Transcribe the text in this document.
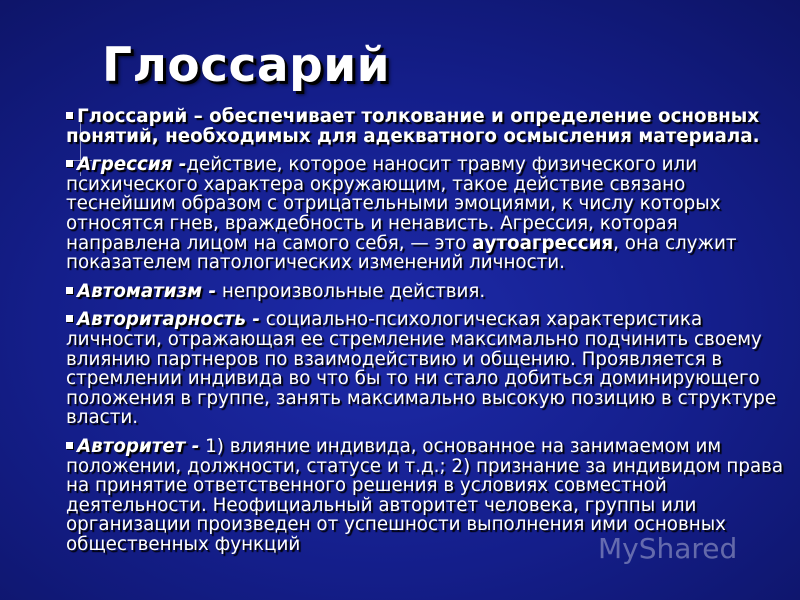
Глоссарий
Глоссарий – обеспечивает толкование и определение основных понятий, необходимых для адекватного осмысления материала.
Агрессия -действие, которое наносит травму физического или психического характера окружающим, такое действие связано теснейшим образом с отрицательными эмоциями, к числу которых относятся гнев, враждебность и ненависть. Агрессия, которая направлена лицом на самого себя, — это аутоагрессия, она служит показателем патологических изменений личности.
Автоматизм - непроизвольные действия.
Авторитарность - социально-психологическая характеристика личности, отражающая ее стремление максимально подчинить своему влиянию партнеров по взаимодействию и общению. Проявляется в стремлении индивида во что бы то ни стало добиться доминирующего положения в группе, занять максимально высокую позицию в структуре власти.
Авторитет - 1) влияние индивида, основанное на занимаемом им положении, должности, статусе и т.д.; 2) признание за индивидом права на принятие ответственного решения в условиях совместной деятельности. Неофициальный авторитет человека, группы или организации произведен от успешности выполнения ими основных общественных функций	MyShared
